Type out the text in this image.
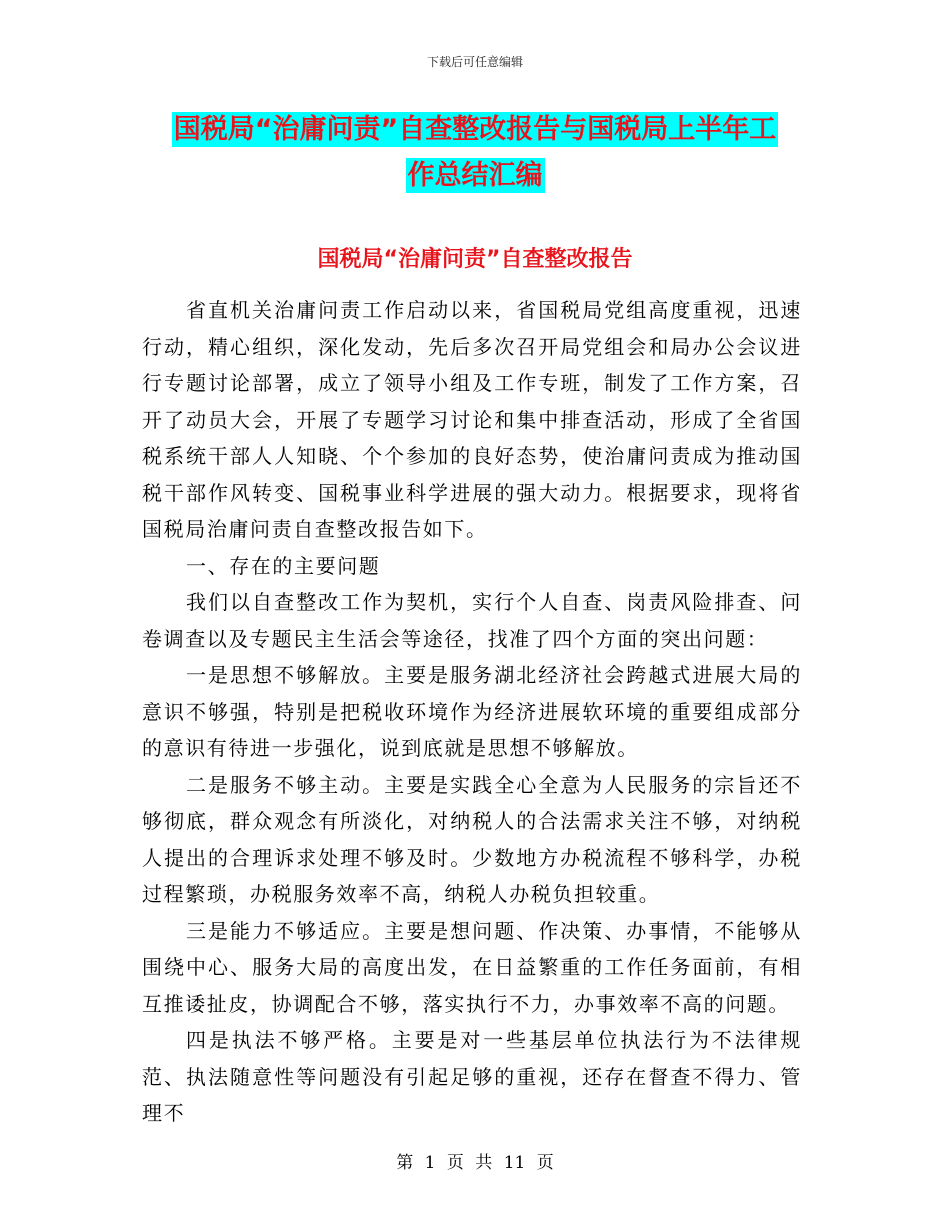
下载后可任意编辑
国税局“治庸问责”自查整改报告与国税局上半年工
作总结汇编
国税局“治庸问责”自查整改报告

省直机关治庸问责工作启动以来，省国税局党组高度重视，迅速行动，精心组织，深化发动，先后多次召开局党组会和局办公会议进行专题讨论部署，成立了领导小组及工作专班，制发了工作方案，召开了动员大会，开展了专题学习讨论和集中排查活动，形成了全省国税系统干部人人知晓、个个参加的良好态势，使治庸问责成为推动国税干部作风转变、国税事业科学进展的强大动力。根据要求，现将省国税局治庸问责自查整改报告如下。

一、存在的主要问题

我们以自查整改工作为契机，实行个人自查、岗责风险排查、问卷调查以及专题民主生活会等途径，找准了四个方面的突出问题：

一是思想不够解放。主要是服务湖北经济社会跨越式进展大局的意识不够强，特别是把税收环境作为经济进展软环境的重要组成部分的意识有待进一步强化，说到底就是思想不够解放。

二是服务不够主动。主要是实践全心全意为人民服务的宗旨还不够彻底，群众观念有所淡化，对纳税人的合法需求关注不够，对纳税人提出的合理诉求处理不够及时。少数地方办税流程不够科学，办税过程繁琐，办税服务效率不高，纳税人办税负担较重。

三是能力不够适应。主要是想问题、作决策、办事情，不能够从围绕中心、服务大局的高度出发，在日益繁重的工作任务面前，有相互推诿扯皮，协调配合不够，落实执行不力，办事效率不高的问题。

四是执法不够严格。主要是对一些基层单位执法行为不法律规范、执法随意性等问题没有引起足够的重视，还存在督查不得力、管理不

第 1 页 共 11 页
